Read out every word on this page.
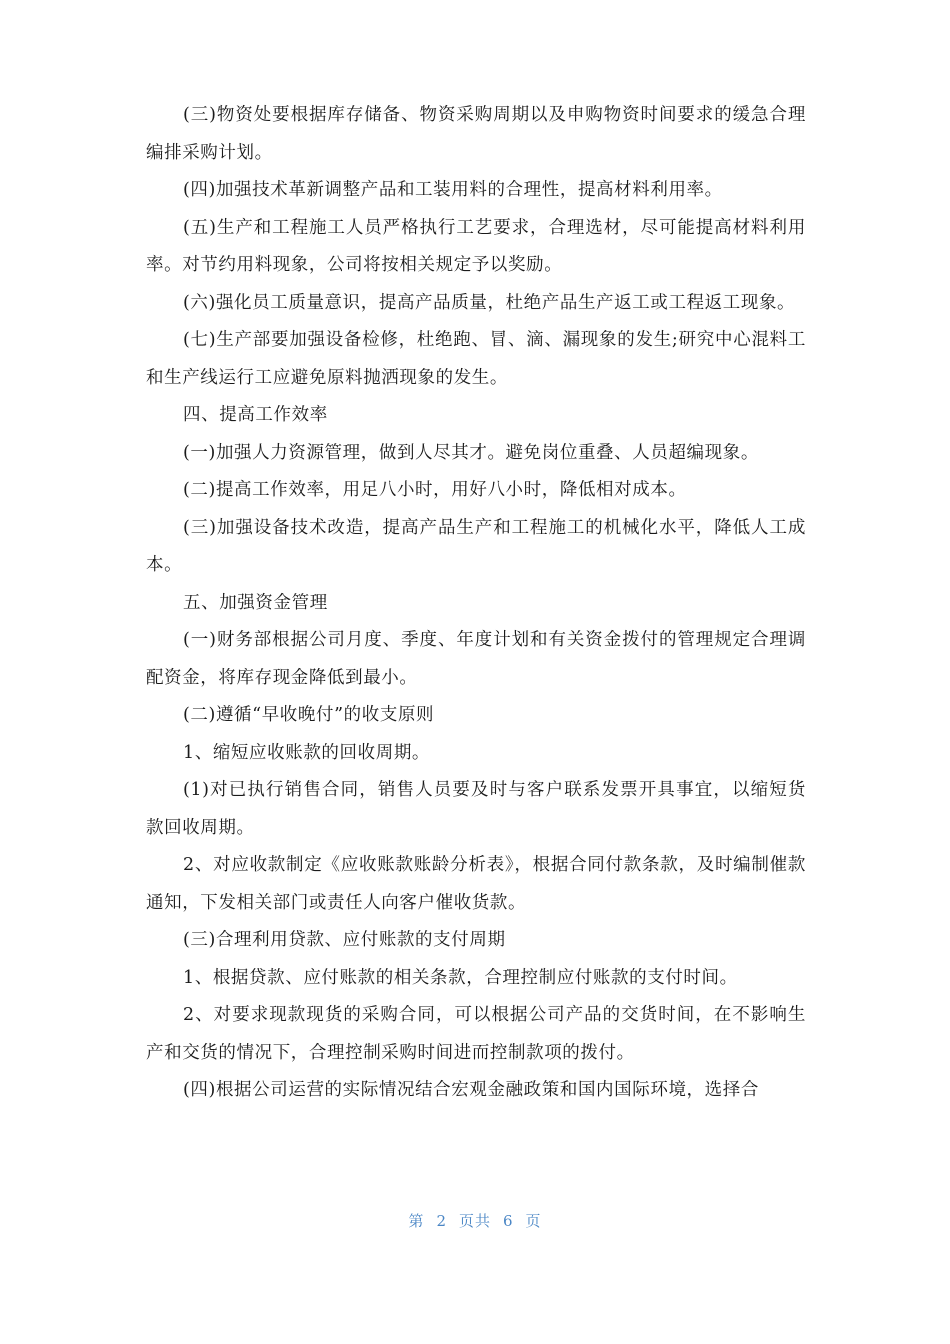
(三)物资处要根据库存储备、物资采购周期以及申购物资时间要求的缓急合理编排采购计划。

(四)加强技术革新调整产品和工装用料的合理性，提高材料利用率。

(五)生产和工程施工人员严格执行工艺要求，合理选材，尽可能提高材料利用率。对节约用料现象，公司将按相关规定予以奖励。

(六)强化员工质量意识，提高产品质量，杜绝产品生产返工或工程返工现象。

(七)生产部要加强设备检修，杜绝跑、冒、滴、漏现象的发生;研究中心混料工和生产线运行工应避免原料抛洒现象的发生。

四、提高工作效率

(一)加强人力资源管理，做到人尽其才。避免岗位重叠、人员超编现象。

(二)提高工作效率，用足八小时，用好八小时，降低相对成本。

(三)加强设备技术改造，提高产品生产和工程施工的机械化水平，降低人工成本。

五、加强资金管理

(一)财务部根据公司月度、季度、年度计划和有关资金拨付的管理规定合理调配资金，将库存现金降低到最小。

(二)遵循“早收晚付”的收支原则

1、缩短应收账款的回收周期。

(1)对已执行销售合同，销售人员要及时与客户联系发票开具事宜，以缩短货款回收周期。

2、对应收款制定《应收账款账龄分析表》，根据合同付款条款，及时编制催款通知，下发相关部门或责任人向客户催收货款。

(三)合理利用贷款、应付账款的支付周期

1、根据贷款、应付账款的相关条款，合理控制应付账款的支付时间。

2、对要求现款现货的采购合同，可以根据公司产品的交货时间，在不影响生产和交货的情况下，合理控制采购时间进而控制款项的拨付。

(四)根据公司运营的实际情况结合宏观金融政策和国内国际环境，选择合

第 2 页共 6 页
